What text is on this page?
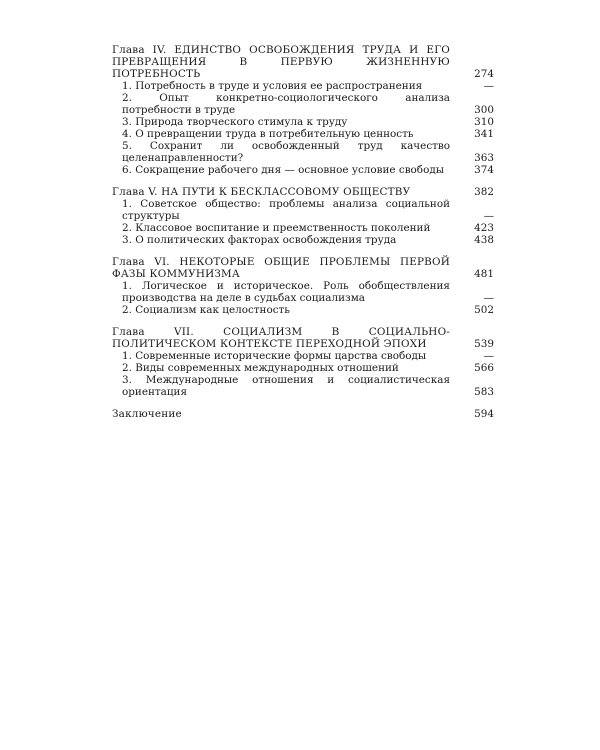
Глава IV. ЕДИНСТВО ОСВОБОЖДЕНИЯ ТРУДА И ЕГО ПРЕВРАЩЕНИЯ В ПЕРВУЮ ЖИЗНЕННУЮ ПОТРЕБНОСТЬ	274
1. Потребность в труде и условия ее распространения	—
2. Опыт конкретно-социологического анализа потребности в труде	300
3. Природа творческого стимула к труду	310
4. О превращении труда в потребительную ценность	341
5. Сохранит ли освобожденный труд качество целенаправленности?	363
6. Сокращение рабочего дня — основное условие свободы	374
Глава V. НА ПУТИ К БЕСКЛАССОВОМУ ОБЩЕСТВУ	382
1. Советское общество: проблемы анализа социальной структуры	—
2. Классовое воспитание и преемственность поколений	423
3. О политических факторах освобождения труда	438
Глава VI. НЕКОТОРЫЕ ОБЩИЕ ПРОБЛЕМЫ ПЕРВОЙ ФАЗЫ КОММУНИЗМА	481
1. Логическое и историческое. Роль обобществления производства на деле в судьбах социализма	—
2. Социализм как целостность	502
Глава VII. СОЦИАЛИЗМ В СОЦИАЛЬНО-ПОЛИТИЧЕСКОМ КОНТЕКСТЕ ПЕРЕХОДНОЙ ЭПОХИ	539
1. Современные исторические формы царства свободы	—
2. Виды современных международных отношений	566
3. Международные отношения и социалистическая ориентация	583
Заключение	594
